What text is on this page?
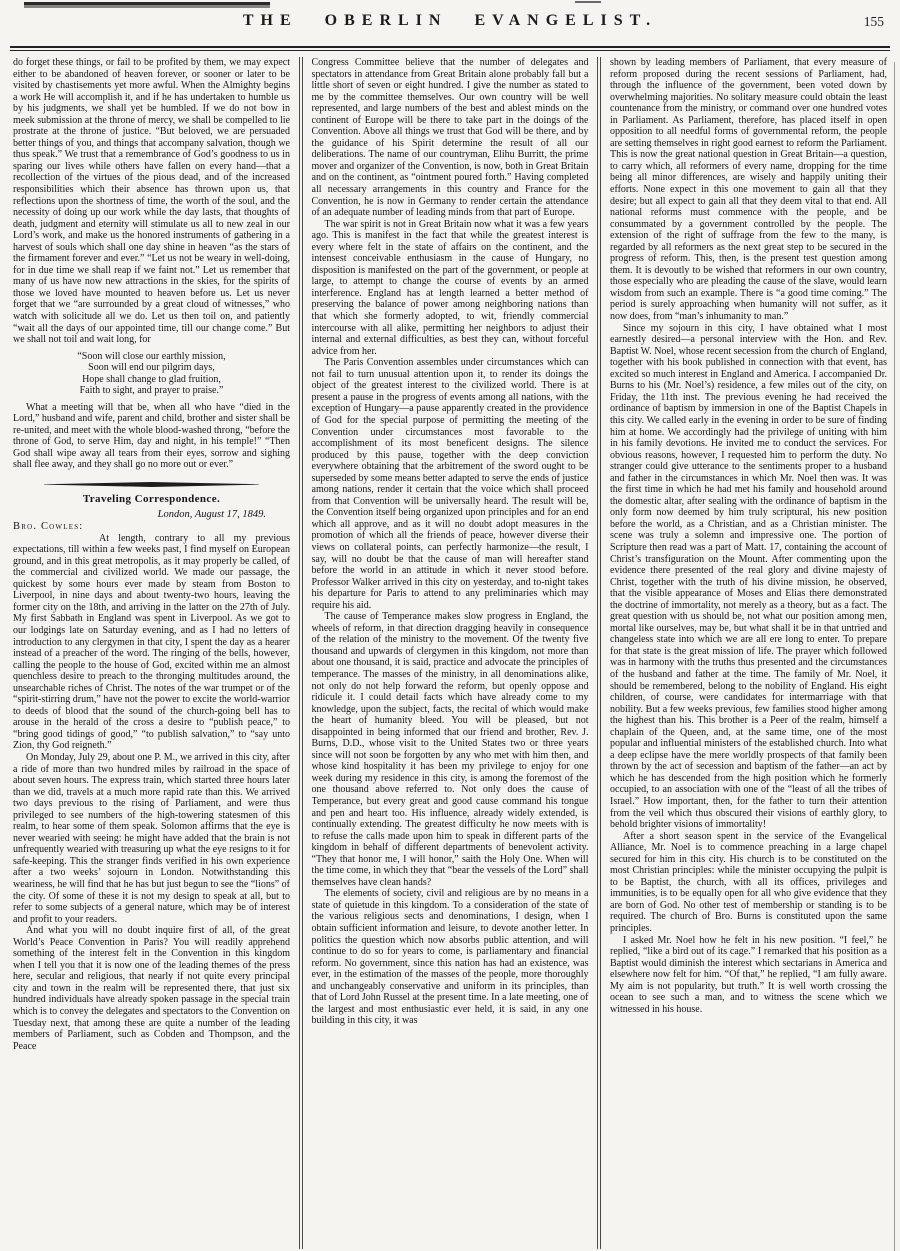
THE OBERLIN EVANGELIST.	155

do forget these things, or fail to be profited by them, we may expect either to be abandoned of heaven forever, or sooner or later to be visited by chastisements yet more awful. When the Almighty begins a work He will accomplish it, and if he has undertaken to humble us by his judgments, we shall yet be humbled. If we do not bow in meek submission at the throne of mercy, we shall be compelled to lie prostrate at the throne of justice. “But beloved, we are persuaded better things of you, and things that accompany salvation, though we thus speak.” We trust that a remembrance of God’s goodness to us in sparing our lives while others have fallen on every hand—that a recollection of the virtues of the pious dead, and of the increased responsibilities which their absence has thrown upon us, that reflections upon the shortness of time, the worth of the soul, and the necessity of doing up our work while the day lasts, that thoughts of death, judgment and eternity will stimulate us all to new zeal in our Lord’s work, and make us the honored instruments of gathering in a harvest of souls which shall one day shine in heaven “as the stars of the firmament forever and ever.” “Let us not be weary in well-doing, for in due time we shall reap if we faint not.” Let us remember that many of us have now new attractions in the skies, for the spirits of those we loved have mounted to heaven before us. Let us never forget that we “are surrounded by a great cloud of witnesses,” who watch with solicitude all we do. Let us then toil on, and patiently “wait all the days of our appointed time, till our change come.” But we shall not toil and wait long, for

“Soon will close our earthly mission,
Soon will end our pilgrim days,
Hope shall change to glad fruition,
Faith to sight, and prayer to praise.”

What a meeting will that be, when all who have “died in the Lord,” husband and wife, parent and child, brother and sister shall be re-united, and meet with the whole blood-washed throng, “before the throne of God, to serve Him, day and night, in his temple!” “Then God shall wipe away all tears from their eyes, sorrow and sighing shall flee away, and they shall go no more out or ever.”

Traveling Correspondence.

London, August 17, 1849.

Bro. Cowles:

At length, contrary to all my previous expectations, till within a few weeks past, I find myself on European ground, and in this great metropolis, as it may properly be called, of the commercial and civilized world. We made our passage, the quickest by some hours ever made by steam from Boston to Liverpool, in nine days and about twenty-two hours, leaving the former city on the 18th, and arriving in the latter on the 27th of July. My first Sabbath in England was spent in Liverpool. As we got to our lodgings late on Saturday evening, and as I had no letters of introduction to any clergymen in that city, I spent the day as a hearer instead of a preacher of the word. The ringing of the bells, however, calling the people to the house of God, excited within me an almost quenchless desire to preach to the thronging multitudes around, the unsearchable riches of Christ. The notes of the war trumpet or of the “spirit-stirring drum,” have not the power to excite the world-warrior to deeds of blood that the sound of the church-going bell has to arouse in the herald of the cross a desire to “publish peace,” to “bring good tidings of good,” “to publish salvation,” to “say unto Zion, thy God reigneth.”

On Monday, July 29, about one P. M., we arrived in this city, after a ride of more than two hundred miles by railroad in the space of about seven hours. The express train, which started three hours later than we did, travels at a much more rapid rate than this. We arrived two days previous to the rising of Parliament, and were thus privileged to see numbers of the high-towering statesmen of this realm, to hear some of them speak. Solomon affirms that the eye is never wearied with seeing: he might have added that the brain is not unfrequently wearied with treasuring up what the eye resigns to it for safe-keeping. This the stranger finds verified in his own experience after a two weeks’ sojourn in London. Notwithstanding this weariness, he will find that he has but just begun to see the “lions” of the city. Of some of these it is not my design to speak at all, but to refer to some subjects of a general nature, which may be of interest and profit to your readers.

And what you will no doubt inquire first of all, of the great World’s Peace Convention in Paris? You will readily apprehend something of the interest felt in the Convention in this kingdom when I tell you that it is now one of the leading themes of the press here, secular and religious, that nearly if not quite every principal city and town in the realm will be represented there, that just six hundred individuals have already spoken passage in the special train which is to convey the delegates and spectators to the Convention on Tuesday next, that among these are quite a number of the leading members of Parliament, such as Cobden and Thompson, and the Peace

Congress Committee believe that the number of delegates and spectators in attendance from Great Britain alone probably fall but a little short of seven or eight hundred. I give the number as stated to me by the committee themselves. Our own country will be well represented, and large numbers of the best and ablest minds on the continent of Europe will be there to take part in the doings of the Convention. Above all things we trust that God will be there, and by the guidance of his Spirit determine the result of all our deliberations. The name of our countryman, Elihu Burritt, the prime mover and organizer of the Convention, is now, both in Great Britain and on the continent, as “ointment poured forth.” Having completed all necessary arrangements in this country and France for the Convention, he is now in Germany to render certain the attendance of an adequate number of leading minds from that part of Europe.

The war spirit is not in Great Britain now what it was a few years ago. This is manifest in the fact that while the greatest interest is every where felt in the state of affairs on the continent, and the intensest conceivable enthusiasm in the cause of Hungary, no disposition is manifested on the part of the government, or people at large, to attempt to change the course of events by an armed interference. England has at length learned a better method of preserving the balance of power among neighboring nations than that which she formerly adopted, to wit, friendly commercial intercourse with all alike, permitting her neighbors to adjust their internal and external difficulties, as best they can, without forceful advice from her.

The Paris Convention assembles under circumstances which can not fail to turn unusual attention upon it, to render its doings the object of the greatest interest to the civilized world. There is at present a pause in the progress of events among all nations, with the exception of Hungary—a pause apparently created in the providence of God for the special purpose of permitting the meeting of the Convention under circumstances most favorable to the accomplishment of its most beneficent designs. The silence produced by this pause, together with the deep conviction everywhere obtaining that the arbitrement of the sword ought to be superseded by some means better adapted to serve the ends of justice among nations, render it certain that the voice which shall proceed from that Convention will be universally heard. The result will be, the Convention itself being organized upon principles and for an end which all approve, and as it will no doubt adopt measures in the promotion of which all the friends of peace, however diverse their views on collateral points, can perfectly harmonize—the result, I say, will no doubt be that the cause of man will hereafter stand before the world in an attitude in which it never stood before. Professor Walker arrived in this city on yesterday, and to-night takes his departure for Paris to attend to any preliminaries which may require his aid.

The cause of Temperance makes slow progress in England, the wheels of reform, in that direction dragging heavily in consequence of the relation of the ministry to the movement. Of the twenty five thousand and upwards of clergymen in this kingdom, not more than about one thousand, it is said, practice and advocate the principles of temperance. The masses of the ministry, in all denominations alike, not only do not help forward the reform, but openly oppose and ridicule it. I could detail facts which have already come to my knowledge, upon the subject, facts, the recital of which would make the heart of humanity bleed. You will be pleased, but not disappointed in being informed that our friend and brother, Rev. J. Burns, D.D., whose visit to the United States two or three years since will not soon be forgotten by any who met with him then, and whose kind hospitality it has been my privilege to enjoy for one week during my residence in this city, is among the foremost of the one thousand above referred to. Not only does the cause of Temperance, but every great and good cause command his tongue and pen and heart too. His influence, already widely extended, is continually extending. The greatest difficulty he now meets with is to refuse the calls made upon him to speak in different parts of the kingdom in behalf of different departments of benevolent activity. “They that honor me, I will honor,” saith the Holy One. When will the time come, in which they that “bear the vessels of the Lord” shall themselves have clean hands?

The elements of society, civil and religious are by no means in a state of quietude in this kingdom. To a consideration of the state of the various religious sects and denominations, I design, when I obtain sufficient information and leisure, to devote another letter. In politics the question which now absorbs public attention, and will continue to do so for years to come, is parliamentary and financial reform. No government, since this nation has had an existence, was ever, in the estimation of the masses of the people, more thoroughly and unchangeably conservative and uniform in its principles, than that of Lord John Russel at the present time. In a late meeting, one of the largest and most enthusiastic ever held, it is said, in any one building in this city, it was

shown by leading members of Parliament, that every measure of reform proposed during the recent sessions of Parliament, had, through the influence of the government, been voted down by overwhelming majorities. No solitary measure could obtain the least countenance from the ministry, or command over one hundred votes in Parliament. As Parliament, therefore, has placed itself in open opposition to all needful forms of governmental reform, the people are setting themselves in right good earnest to reform the Parliament. This is now the great national question in Great Britain—a question, to carry which, all reformers of every name, dropping for the time being all minor differences, are wisely and happily uniting their efforts. None expect in this one movement to gain all that they desire; but all expect to gain all that they deem vital to that end. All national reforms must commence with the people, and be consummated by a government controlled by the people. The extension of the right of suffrage from the few to the many, is regarded by all reformers as the next great step to be secured in the progress of reform. This, then, is the present test question among them. It is devoutly to be wished that reformers in our own country, those especially who are pleading the cause of the slave, would learn wisdom from such an example. There is “a good time coming.” The period is surely approaching when humanity will not suffer, as it now does, from “man’s inhumanity to man.”

Since my sojourn in this city, I have obtained what I most earnestly desired—a personal interview with the Hon. and Rev. Baptist W. Noel, whose recent secession from the church of England, together with his book published in connection with that event, has excited so much interest in England and America. I accompanied Dr. Burns to his (Mr. Noel’s) residence, a few miles out of the city, on Friday, the 11th inst. The previous evening he had received the ordinance of baptism by immersion in one of the Baptist Chapels in this city. We called early in the evening in order to be sure of finding him at home. We accordingly had the privilege of uniting with him in his family devotions. He invited me to conduct the services. For obvious reasons, however, I requested him to perform the duty. No stranger could give utterance to the sentiments proper to a husband and father in the circumstances in which Mr. Noel then was. It was the first time in which he had met his family and household around the domestic altar, after sealing with the ordinance of baptism in the only form now deemed by him truly scriptural, his new position before the world, as a Christian, and as a Christian minister. The scene was truly a solemn and impressive one. The portion of Scripture then read was a part of Matt. 17, containing the account of Christ’s transfiguration on the Mount. After commenting upon the evidence there presented of the real glory and divine majesty of Christ, together with the truth of his divine mission, he observed, that the visible appearance of Moses and Elias there demonstrated the doctrine of immortality, not merely as a theory, but as a fact. The great question with us should be, not what our position among men, mortal like ourselves, may be, but what shall it be in that untried and changeless state into which we are all ere long to enter. To prepare for that state is the great mission of life. The prayer which followed was in harmony with the truths thus presented and the circumstances of the husband and father at the time. The family of Mr. Noel, it should be remembered, belong to the nobility of England. His eight children, of course, were candidates for intermarriage with that nobility. But a few weeks previous, few families stood higher among the highest than his. This brother is a Peer of the realm, himself a chaplain of the Queen, and, at the same time, one of the most popular and influential ministers of the established church. Into what a deep eclipse have the mere worldly prospects of that family been thrown by the act of secession and baptism of the father—an act by which he has descended from the high position which he formerly occupied, to an association with one of the “least of all the tribes of Israel.” How important, then, for the father to turn their attention from the veil which thus obscured their visions of earthly glory, to behold brighter visions of immortality!

After a short season spent in the service of the Evangelical Alliance, Mr. Noel is to commence preaching in a large chapel secured for him in this city. His church is to be constituted on the most Christian principles: while the minister occupying the pulpit is to be Baptist, the church, with all its offices, privileges and immunities, is to be equally open for all who give evidence that they are born of God. No other test of membership or standing is to be required. The church of Bro. Burns is constituted upon the same principles.

I asked Mr. Noel how he felt in his new position. “I feel,” he replied, “like a bird out of its cage.” I remarked that his position as a Baptist would diminish the interest which sectarians in America and elsewhere now felt for him. “Of that,” he replied, “I am fully aware. My aim is not popularity, but truth.” It is well worth crossing the ocean to see such a man, and to witness the scene which we witnessed in his house.
